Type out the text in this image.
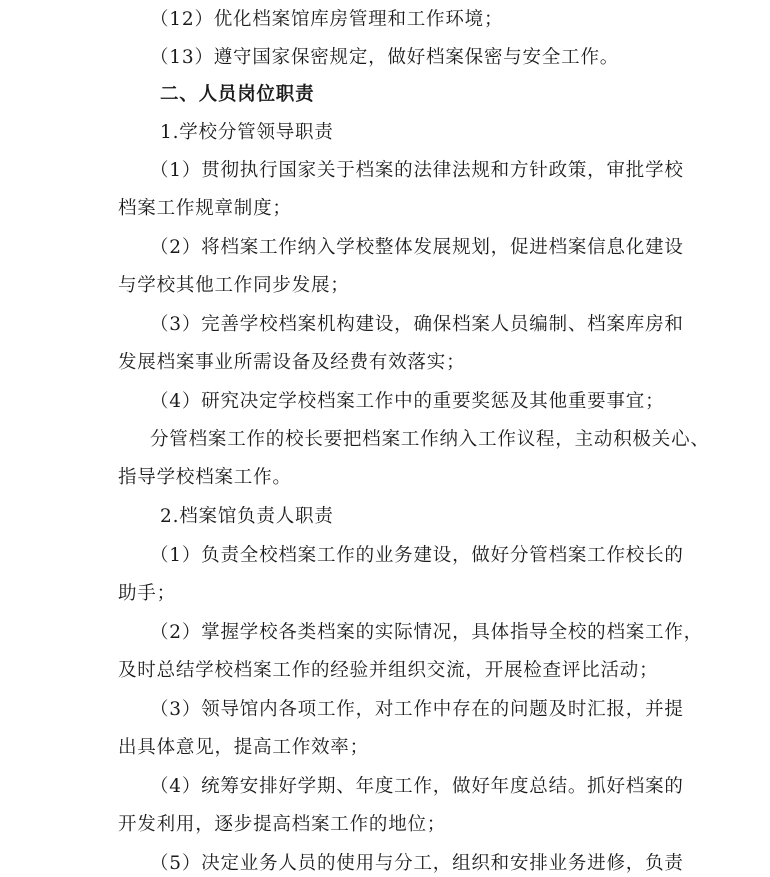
（12）优化档案馆库房管理和工作环境；
（13）遵守国家保密规定，做好档案保密与安全工作。
二、人员岗位职责
1.学校分管领导职责
（1）贯彻执行国家关于档案的法律法规和方针政策，审批学校
档案工作规章制度；
（2）将档案工作纳入学校整体发展规划，促进档案信息化建设
与学校其他工作同步发展；
（3）完善学校档案机构建设，确保档案人员编制、档案库房和
发展档案事业所需设备及经费有效落实；
（4）研究决定学校档案工作中的重要奖惩及其他重要事宜；
分管档案工作的校长要把档案工作纳入工作议程，主动积极关心、
指导学校档案工作。
2.档案馆负责人职责
（1）负责全校档案工作的业务建设，做好分管档案工作校长的
助手；
（2）掌握学校各类档案的实际情况，具体指导全校的档案工作，
及时总结学校档案工作的经验并组织交流，开展检查评比活动；
（3）领导馆内各项工作，对工作中存在的问题及时汇报，并提
出具体意见，提高工作效率；
（4）统筹安排好学期、年度工作，做好年度总结。抓好档案的
开发利用，逐步提高档案工作的地位；
（5）决定业务人员的使用与分工，组织和安排业务进修，负责
